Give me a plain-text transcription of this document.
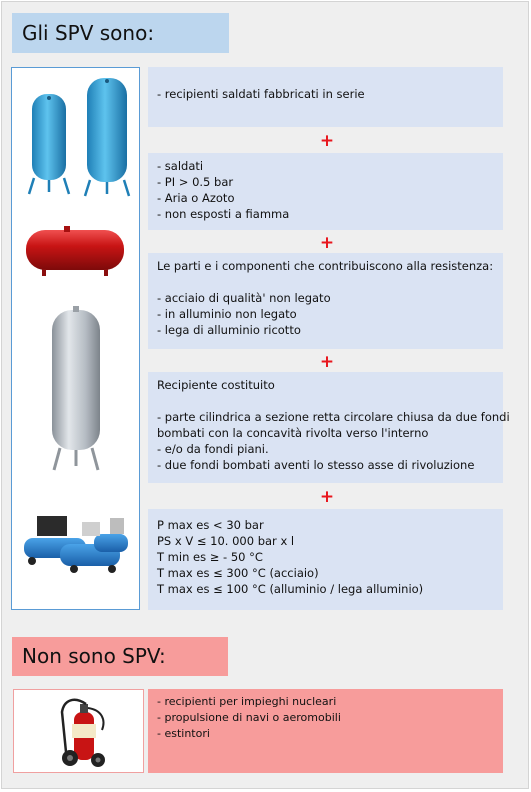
Gli SPV sono:
- recipienti saldati fabbricati in serie
+
- saldati
- PI > 0.5 bar
- Aria o Azoto
- non esposti a fiamma
+
Le parti e i componenti che contribuiscono alla resistenza:
- acciaio di qualità' non legato
- in alluminio non legato
- lega di alluminio ricotto
+
Recipiente costituito
- parte cilindrica a sezione retta circolare chiusa da due fondi
bombati con la concavità rivolta verso l'interno
- e/o da fondi piani.
- due fondi bombati aventi lo stesso asse di rivoluzione
+
P max es < 30 bar
PS x V ≤ 10. 000 bar x l
T min es ≥ - 50 °C
T max es ≤ 300 °C (acciaio)
T max es ≤ 100 °C (alluminio / lega alluminio)
Non sono SPV:
- recipienti per impieghi nucleari
- propulsione di navi o aeromobili
- estintori
